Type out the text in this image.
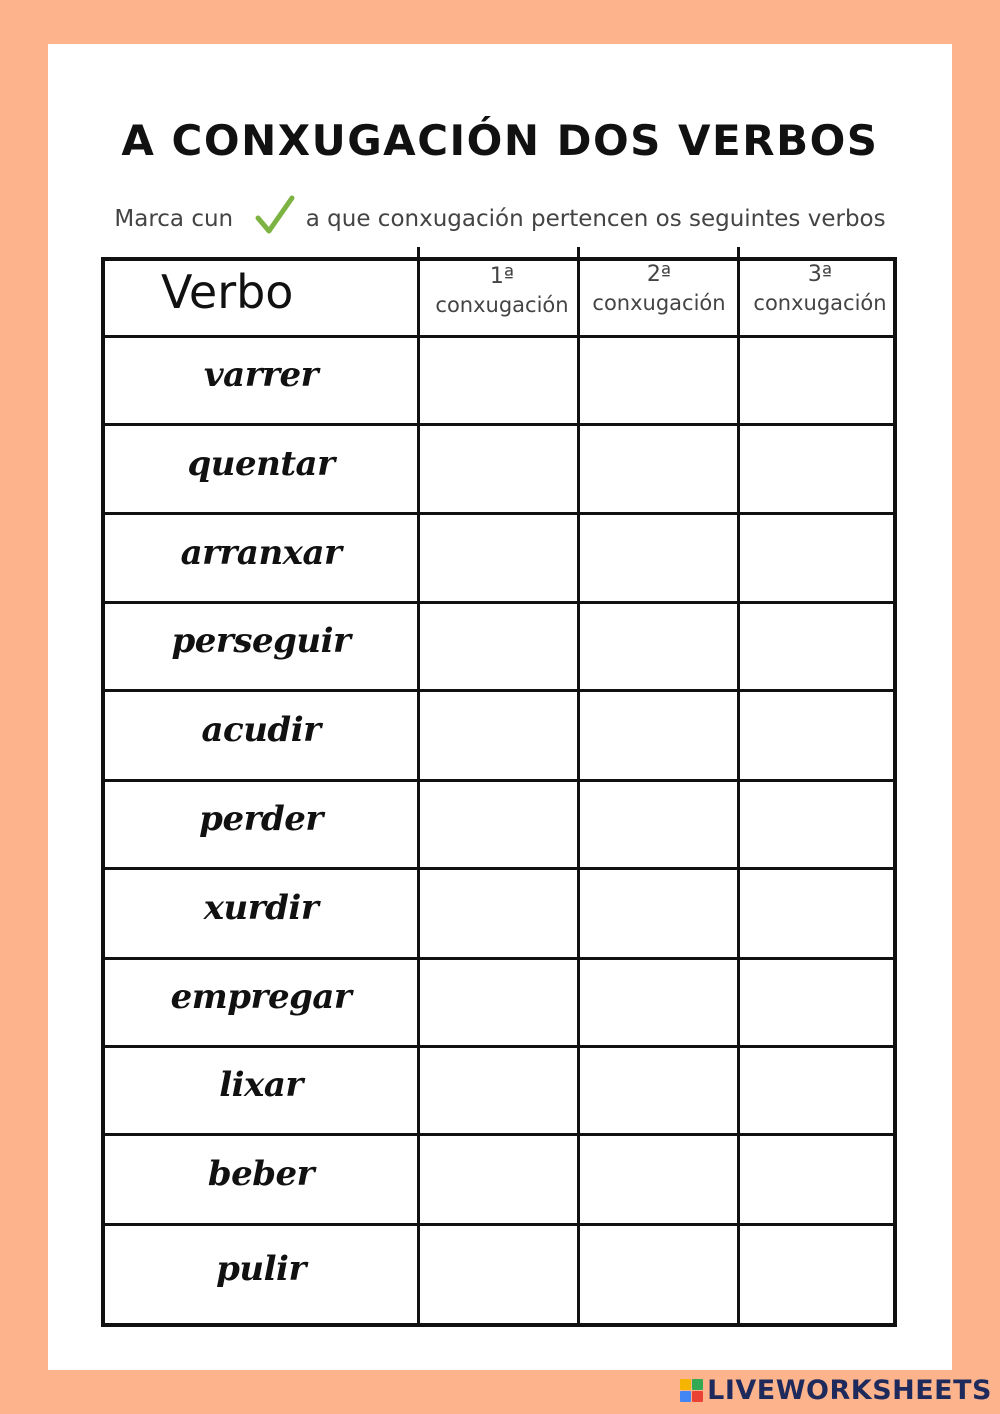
A CONXUGACIÓN DOS VERBOS
Marca cun	a que conxugación pertencen os seguintes verbos
Verbo	1ª
conxugación
2ª
conxugación
3ª
conxugación
varrer
quentar
arranxar
perseguir
acudir
perder
xurdir
empregar
lixar
beber
pulir
LIVEWORKSHEETS
